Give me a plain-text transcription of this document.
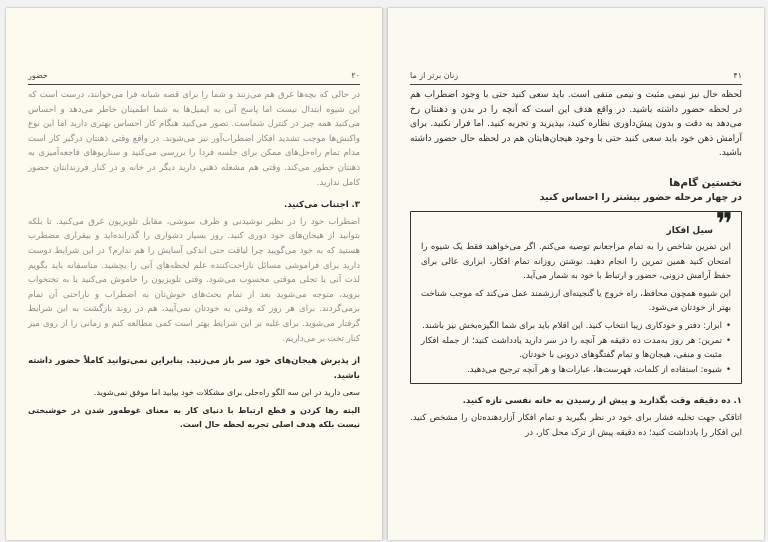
۲۰
حضور

در حالی که بچه‌ها غرق هم می‌زنند و شما را برای قصه شبانه فرا می‌خوانند، درست است که این شیوه ابتدال نیست اما پاسخ آنی به ایمیل‌ها به شما اطمینان خاطر می‌دهد و احساس می‌کنید همه چیز در کنترل شماست. تصور می‌کنید هنگام کار احساس بهتری دارید اما این نوع واکنش‌ها موجب تشدید افکار اضطراب‌آور نیز می‌شوند. در واقع وقتی ذهنتان درگیر کار است مدام تمام راه‌حل‌های ممکن برای جلسه فردا را بررسی می‌کنید و سناریوهای فاجعه‌آمیزی به ذهنتان خطور می‌کند. وقتی هم مشغله ذهنی دارید دیگر در خانه و در کنار فرزندانتان حضور کامل ندارید.

۳. اجتناب می‌کنید.

اضطراب خود را در نظیر نوشیدنی و ظرف سوشی، مقابل تلویزیون غرق می‌کنید. تا بلکه بتوانید از هیجان‌های خود دوری کنید. روز بسیار دشواری را گذرانده‌اید و بیقراری مضطرب هستید که به خود می‌گویید چرا لیاقت حتی اندکی آسایش را هم ندارم؟ در این شرایط دوست دارید برای فراموشی مسائل ناراحت‌کننده علم لحظه‌های آنی را بچشید. متاسفانه باید بگویم لذت آنی یا تجلی موقتی محسوب می‌شود. وقتی تلویزیون را خاموش می‌کنید یا به تختخواب بروید، متوجه می‌شوید بعد از تمام بحث‌های خوش‌تان به اضطراب و ناراحتی آن تمام برمی‌گردند. برای هر روز که وقتی به خودتان نمی‌آیید، هم در روند بازگشت به این شرایط گرفتار می‌شوید. برای غلبه بر این شرایط بهتر است کمی مطالعه کنم و زمانی را از روی میز کنار تخت بر می‌داریم.

از پذیرش هیجان‌های خود سر باز می‌زنید. بنابراین نمی‌توانید کاملاً حضور داشته باشید.

سعی دارید در این سه الگو راه‌حلی برای مشکلات خود بیابید اما موفق نمی‌شوید.

البته رها کردن و قطع ارتباط با دنیای کار به معنای غوطه‌ور شدن در خوشبختی نیست بلکه هدف اصلی تجربه لحظه حال است.

۴۱
زنان برتر از ما

لحظه حال نیز نیمی مثبت و نیمی منفی است. باید سعی کنید حتی با وجود اضطراب هم در لحظه حضور داشته باشید. در واقع هدف این است که آنچه را در بدن و ذهنتان رخ می‌دهد به دقت و بدون پیش‌داوری نظاره کنید، بپذیرید و تجربه کنید. اما فرار نکنید. برای آرامش ذهن خود باید سعی کنید حتی با وجود هیجان‌هایتان هم در لحظه حال حضور داشته باشید.

نخستین گام‌ها

در چهار مرحله حضور بیشتر را احساس کنید

❞

سیل افکار

این تمرین شاخص را به تمام مراجعانم توصیه می‌کنم. اگر می‌خواهید فقط یک شیوه را امتحان کنید همین تمرین را انجام دهید. نوشتن روزانه تمام افکار، ابزاری عالی برای حفظ آرامش درونی، حضور و ارتباط با خود به شمار می‌آید.

این شیوه همچون محافظ، راه خروج یا گنجینه‌ای ارزشمند عمل می‌کند که موجب شناخت بهتر از خودتان می‌شود.

• ابزار: دفتر و خودکاری زیبا انتخاب کنید. این اقلام باید برای شما الگیزه‌بخش نیز باشند.

• تمرین: هر روز به‌مدت ده دقیقه هر آنچه را در سر دارید یادداشت کنید؛ از جمله افکار مثبت و منفی، هیجان‌ها و تمام گفتگوهای درونی با خودتان.

• شیوه: استفاده از کلمات، فهرست‌ها، عبارات‌ها و هر آنچه ترجیح می‌دهید.

۱. ده دقیقه وقت بگذارید و پیش از رسیدن به خانه نفسی تازه کنید.

اتاقکی جهت تخلیه فشار برای خود در نظر بگیرید و تمام افکار آزاردهنده‌تان را مشخص کنید. این افکار را یادداشت کنید؛ ده دقیقه پیش از ترک محل کار، در
